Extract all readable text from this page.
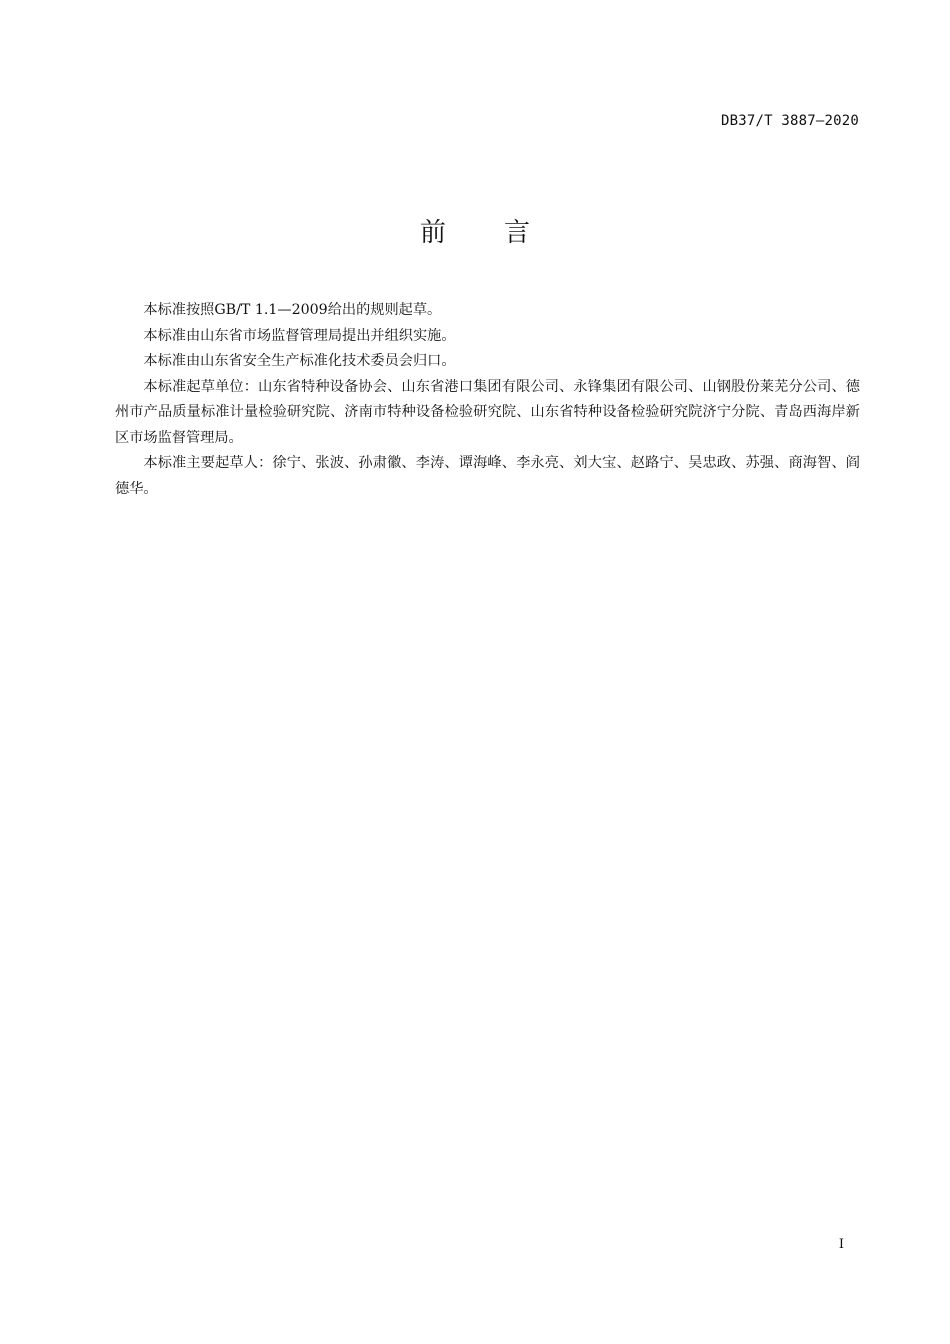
DB37/T 3887—2020
前言

本标准按照GB/T 1.1—2009给出的规则起草。

本标准由山东省市场监督管理局提出并组织实施。

本标准由山东省安全生产标准化技术委员会归口。

本标准起草单位：山东省特种设备协会、山东省港口集团有限公司、永锋集团有限公司、山钢股份莱芜分公司、德州市产品质量标准计量检验研究院、济南市特种设备检验研究院、山东省特种设备检验研究院济宁分院、青岛西海岸新区市场监督管理局。

本标准主要起草人：徐宁、张波、孙肃徽、李涛、谭海峰、李永亮、刘大宝、赵路宁、吴忠政、苏强、商海智、阎德华。

I
